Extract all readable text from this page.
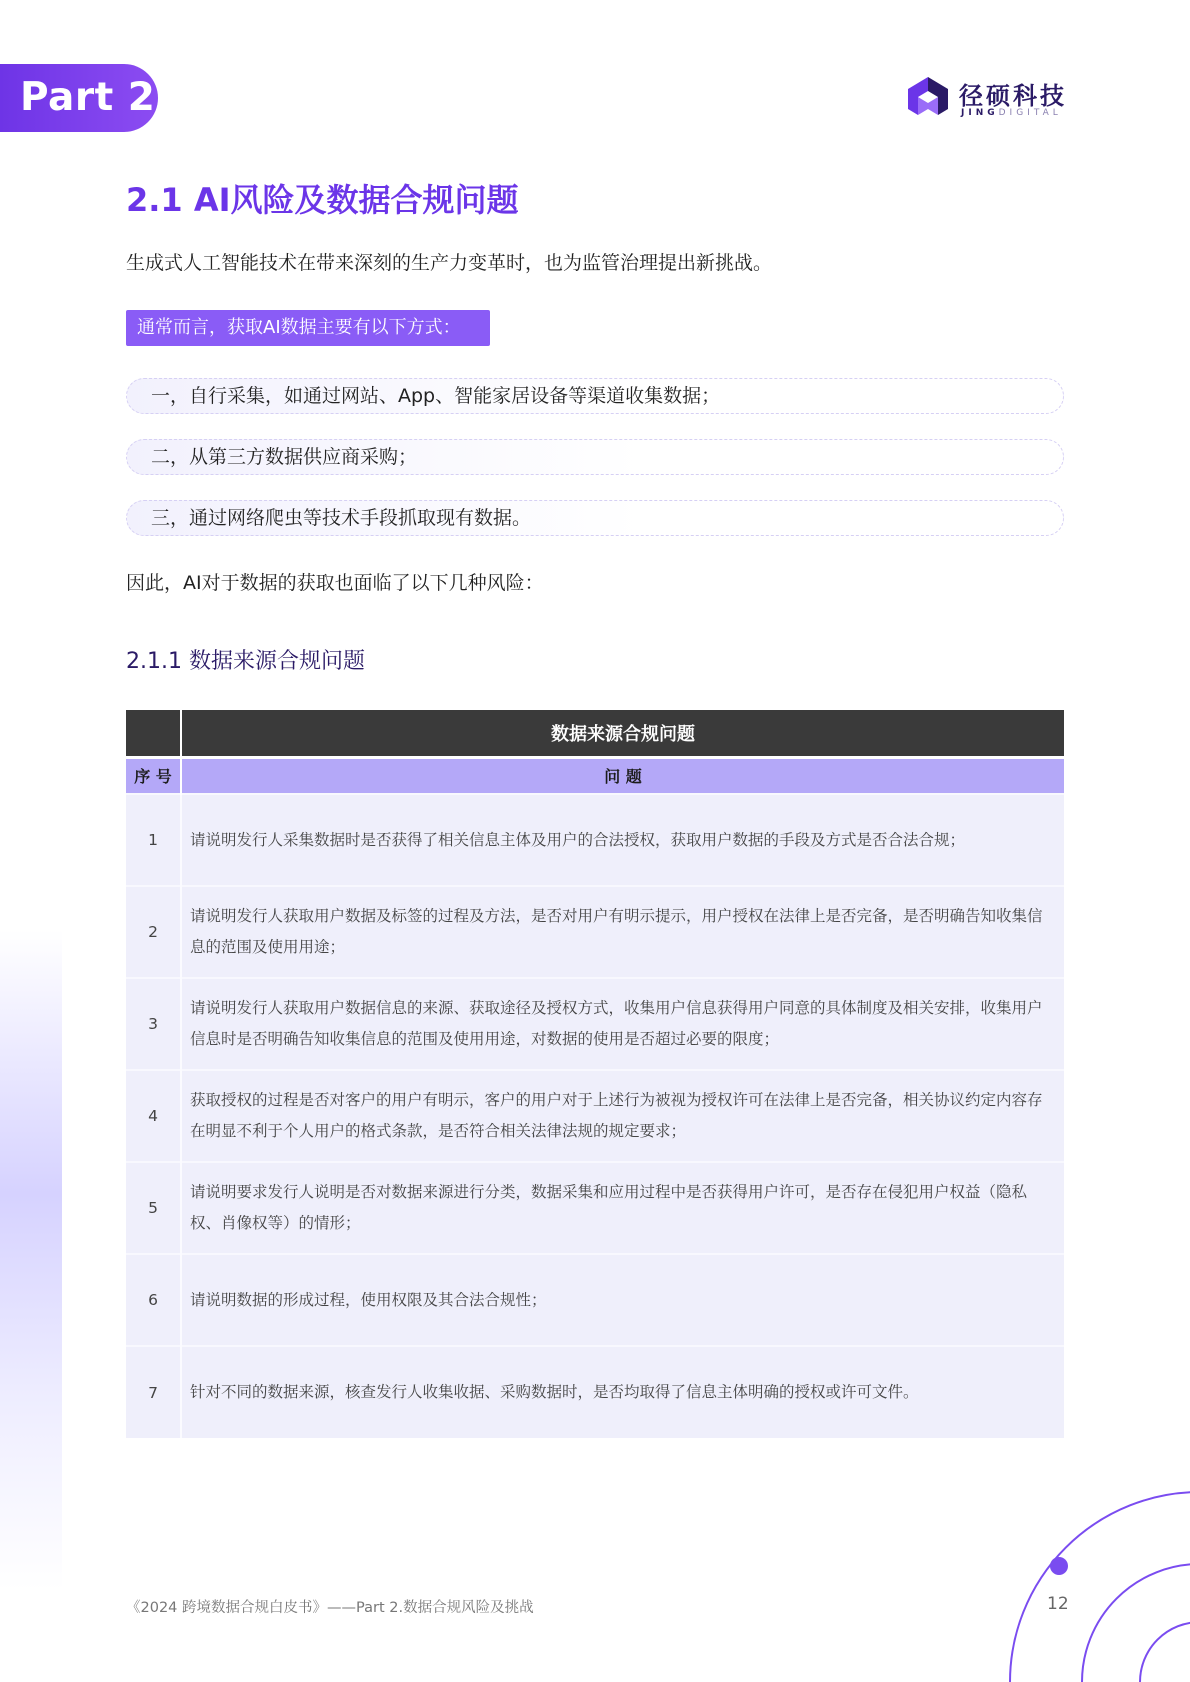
Part 2	径硕科技
JINGDIGITAL
2.1 AI风险及数据合规问题
生成式人工智能技术在带来深刻的生产力变革时，也为监管治理提出新挑战。
通常而言，获取AI数据主要有以下方式：
一，自行采集，如通过网站、App、智能家居设备等渠道收集数据；
二，从第三方数据供应商采购；
三，通过网络爬虫等技术手段抓取现有数据。
因此，AI对于数据的获取也面临了以下几种风险：
2.1.1 数据来源合规问题
	数据来源合规问题
序 号	问 题
1	请说明发行人采集数据时是否获得了相关信息主体及用户的合法授权，获取用户数据的手段及方式是否合法合规；
2	请说明发行人获取用户数据及标签的过程及方法，是否对用户有明示提示，用户授权在法律上是否完备，是否明确告知收集信息的范围及使用用途；
3	请说明发行人获取用户数据信息的来源、获取途径及授权方式，收集用户信息获得用户同意的具体制度及相关安排，收集用户信息时是否明确告知收集信息的范围及使用用途，对数据的使用是否超过必要的限度；
4	获取授权的过程是否对客户的用户有明示，客户的用户对于上述行为被视为授权许可在法律上是否完备，相关协议约定内容存在明显不利于个人用户的格式条款，是否符合相关法律法规的规定要求；
5	请说明要求发行人说明是否对数据来源进行分类，数据采集和应用过程中是否获得用户许可，是否存在侵犯用户权益（隐私权、肖像权等）的情形；
6	请说明数据的形成过程，使用权限及其合法合规性；
7	针对不同的数据来源，核查发行人收集收据、采购数据时，是否均取得了信息主体明确的授权或许可文件。
《2024 跨境数据合规白皮书》——Part 2.数据合规风险及挑战	12
